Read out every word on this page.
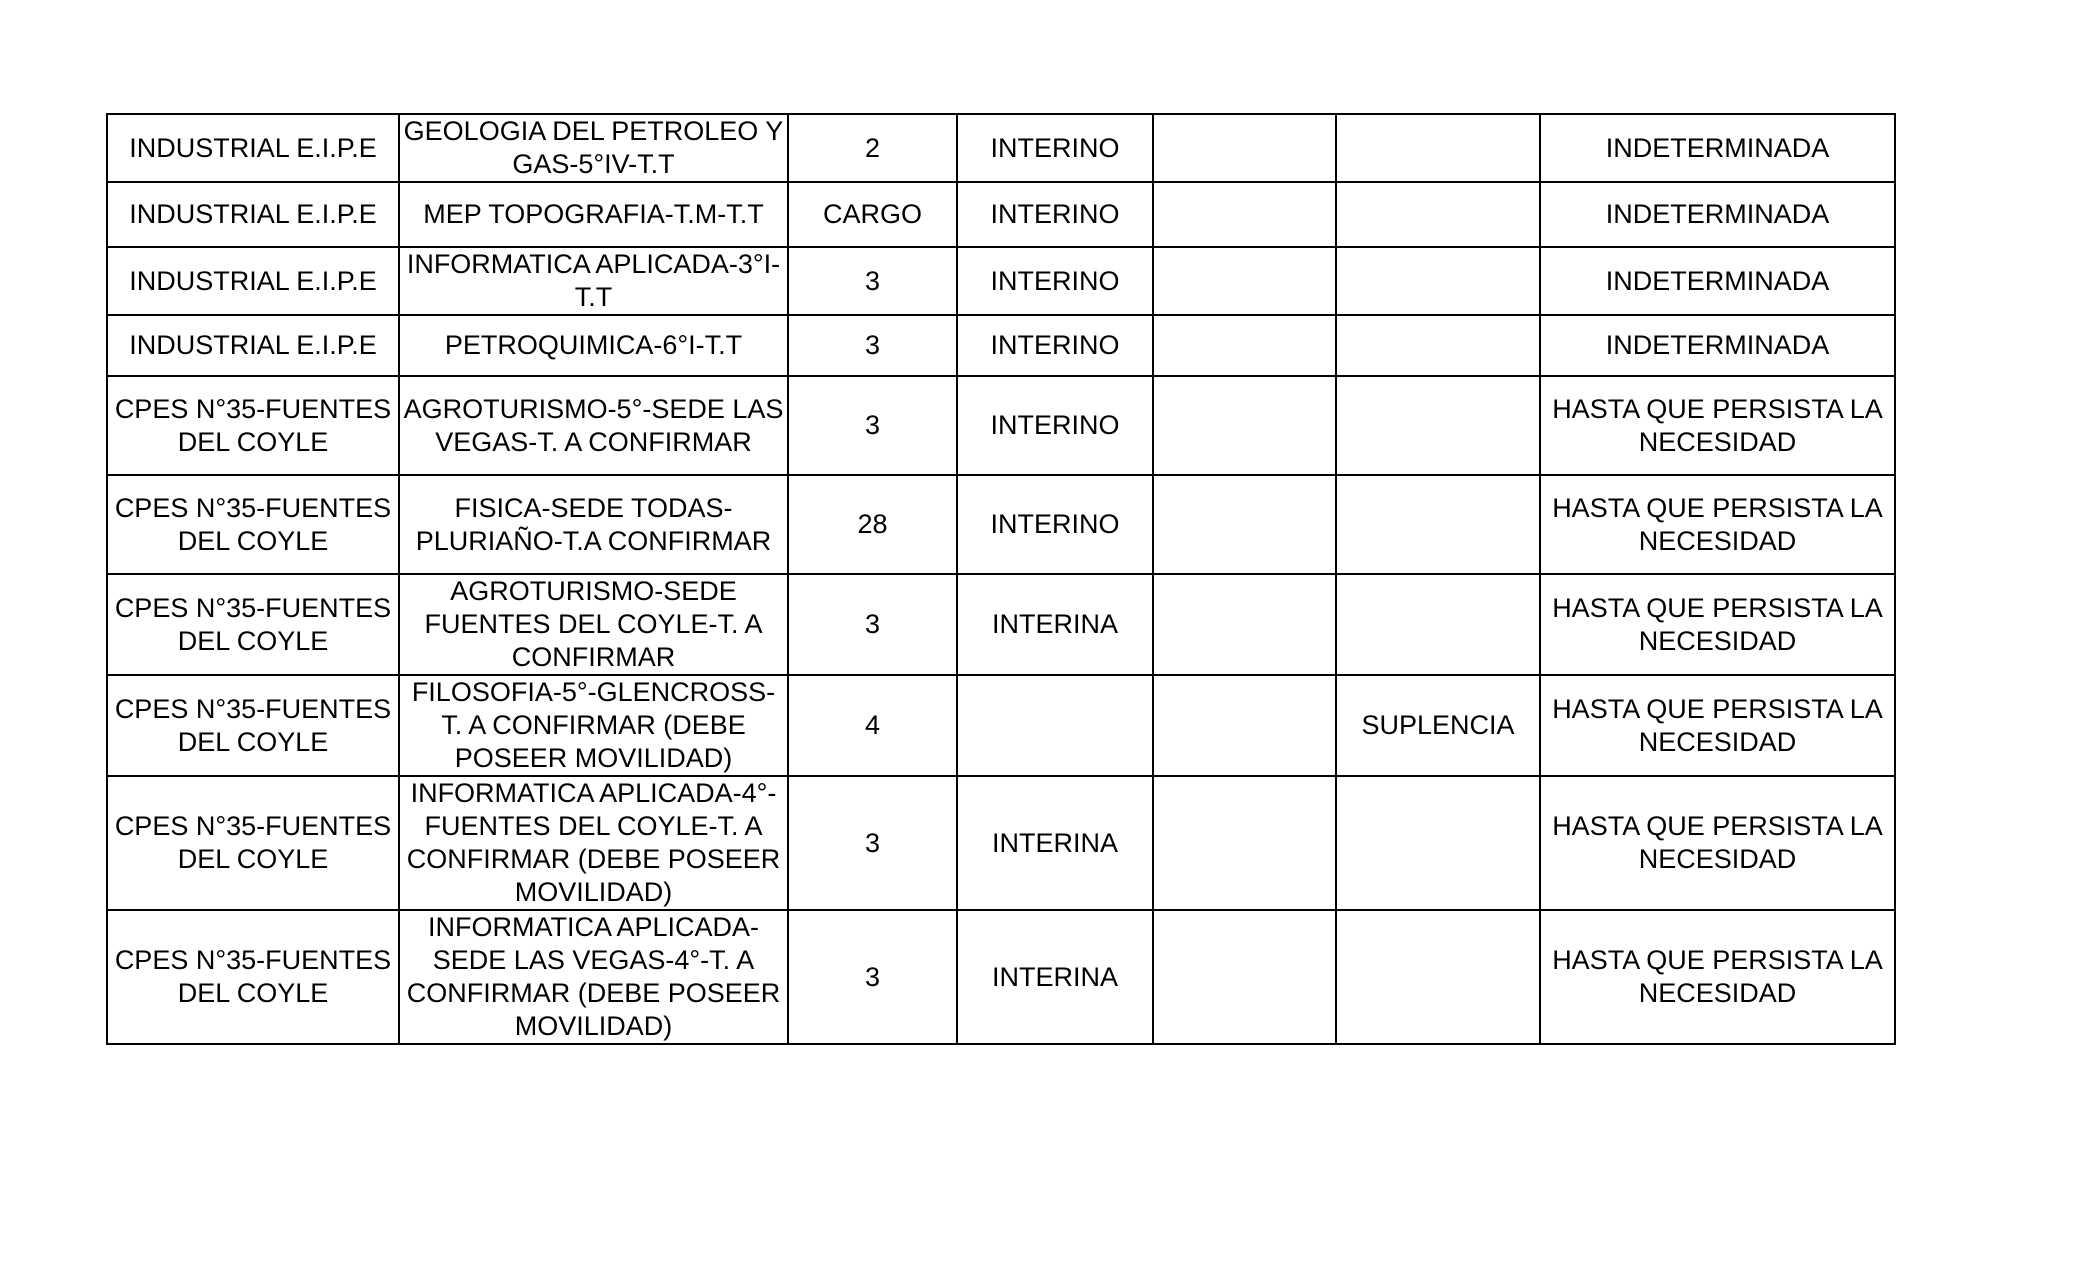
INDUSTRIAL E.I.P.E	GEOLOGIA DEL PETROLEO Y GAS-5°IV-T.T	2	INTERINO			INDETERMINADA
INDUSTRIAL E.I.P.E	MEP TOPOGRAFIA-T.M-T.T	CARGO	INTERINO			INDETERMINADA
INDUSTRIAL E.I.P.E	INFORMATICA APLICADA-3°I-T.T	3	INTERINO			INDETERMINADA
INDUSTRIAL E.I.P.E	PETROQUIMICA-6°I-T.T	3	INTERINO			INDETERMINADA
CPES N°35-FUENTES DEL COYLE	AGROTURISMO-5°-SEDE LAS VEGAS-T. A CONFIRMAR	3	INTERINO			HASTA QUE PERSISTA LA NECESIDAD
CPES N°35-FUENTES DEL COYLE	FISICA-SEDE TODAS-PLURIAÑO-T.A CONFIRMAR	28	INTERINO			HASTA QUE PERSISTA LA NECESIDAD
CPES N°35-FUENTES DEL COYLE	AGROTURISMO-SEDE FUENTES DEL COYLE-T. A CONFIRMAR	3	INTERINA			HASTA QUE PERSISTA LA NECESIDAD
CPES N°35-FUENTES DEL COYLE	FILOSOFIA-5°-GLENCROSS-T. A CONFIRMAR (DEBE POSEER MOVILIDAD)	4			SUPLENCIA	HASTA QUE PERSISTA LA NECESIDAD
CPES N°35-FUENTES DEL COYLE	INFORMATICA APLICADA-4°-FUENTES DEL COYLE-T. A CONFIRMAR (DEBE POSEER MOVILIDAD)	3	INTERINA			HASTA QUE PERSISTA LA NECESIDAD
CPES N°35-FUENTES DEL COYLE	INFORMATICA APLICADA-SEDE LAS VEGAS-4°-T. A CONFIRMAR (DEBE POSEER MOVILIDAD)	3	INTERINA			HASTA QUE PERSISTA LA NECESIDAD
